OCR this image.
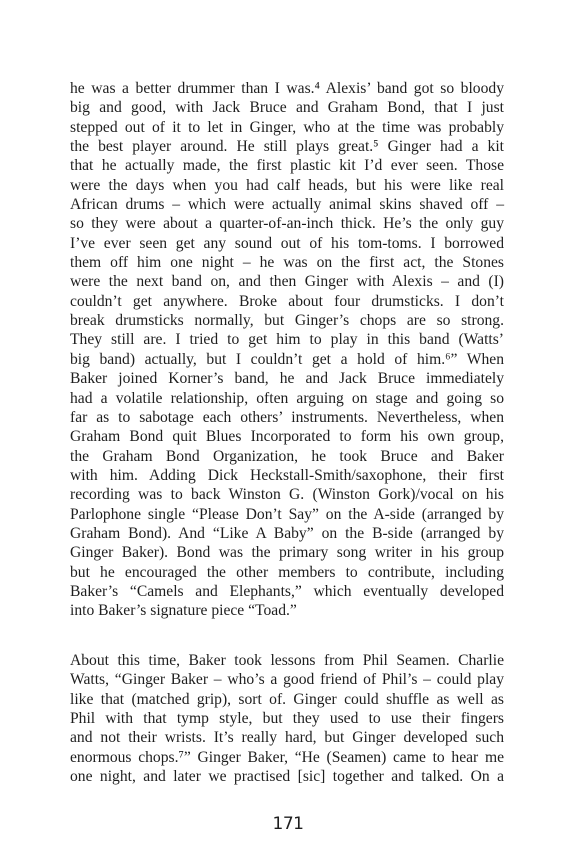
he was a better drummer than I was.⁴ Alexis’ band got so bloody
big and good, with Jack Bruce and Graham Bond, that I just
stepped out of it to let in Ginger, who at the time was probably
the best player around. He still plays great.⁵ Ginger had a kit
that he actually made, the first plastic kit I’d ever seen. Those
were the days when you had calf heads, but his were like real
African drums – which were actually animal skins shaved off –
so they were about a quarter-of-an-inch thick. He’s the only guy
I’ve ever seen get any sound out of his tom-toms. I borrowed
them off him one night – he was on the first act, the Stones
were the next band on, and then Ginger with Alexis – and (I)
couldn’t get anywhere. Broke about four drumsticks. I don’t
break drumsticks normally, but Ginger’s chops are so strong.
They still are. I tried to get him to play in this band (Watts’
big band) actually, but I couldn’t get a hold of him.⁶” When
Baker joined Korner’s band, he and Jack Bruce immediately
had a volatile relationship, often arguing on stage and going so
far as to sabotage each others’ instruments. Nevertheless, when
Graham Bond quit Blues Incorporated to form his own group,
the Graham Bond Organization, he took Bruce and Baker
with him. Adding Dick Heckstall-Smith/saxophone, their first
recording was to back Winston G. (Winston Gork)/vocal on his
Parlophone single “Please Don’t Say” on the A-side (arranged by
Graham Bond). And “Like A Baby” on the B-side (arranged by
Ginger Baker). Bond was the primary song writer in his group
but he encouraged the other members to contribute, including
Baker’s “Camels and Elephants,” which eventually developed
into Baker’s signature piece “Toad.”
About this time, Baker took lessons from Phil Seamen. Charlie
Watts, “Ginger Baker – who’s a good friend of Phil’s – could play
like that (matched grip), sort of. Ginger could shuffle as well as
Phil with that tymp style, but they used to use their fingers
and not their wrists. It’s really hard, but Ginger developed such
enormous chops.⁷” Ginger Baker, “He (Seamen) came to hear me
one night, and later we practised [sic] together and talked. On a
171
